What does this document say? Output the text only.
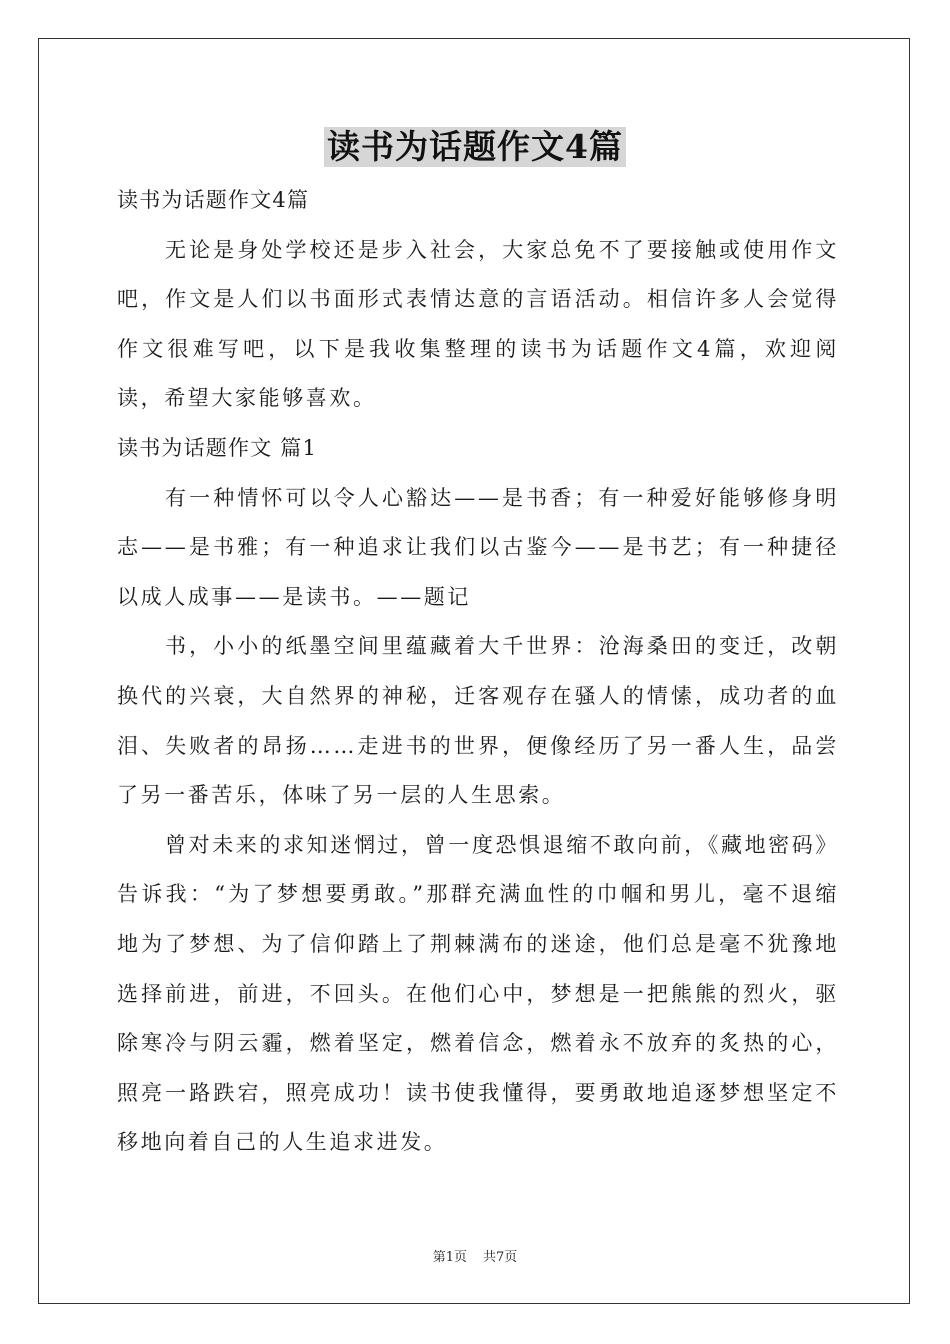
读书为话题作文4篇

读书为话题作文4篇

无论是身处学校还是步入社会，大家总免不了要接触或使用作文吧，作文是人们以书面形式表情达意的言语活动。相信许多人会觉得作文很难写吧，以下是我收集整理的读书为话题作文4篇，欢迎阅读，希望大家能够喜欢。

读书为话题作文 篇1

有一种情怀可以令人心豁达——是书香；有一种爱好能够修身明志——是书雅；有一种追求让我们以古鉴今——是书艺；有一种捷径以成人成事——是读书。——题记

书，小小的纸墨空间里蕴藏着大千世界：沧海桑田的变迁，改朝换代的兴衰，大自然界的神秘，迁客观存在骚人的情愫，成功者的血泪、失败者的昂扬……走进书的世界，便像经历了另一番人生，品尝了另一番苦乐，体味了另一层的人生思索。

曾对未来的求知迷惘过，曾一度恐惧退缩不敢向前，《藏地密码》告诉我：“为了梦想要勇敢。”那群充满血性的巾帼和男儿，毫不退缩地为了梦想、为了信仰踏上了荆棘满布的迷途，他们总是毫不犹豫地选择前进，前进，不回头。在他们心中，梦想是一把熊熊的烈火，驱除寒冷与阴云霾，燃着坚定，燃着信念，燃着永不放弃的炙热的心，照亮一路跌宕，照亮成功！读书使我懂得，要勇敢地追逐梦想坚定不移地向着自己的人生追求进发。

第1页 共7页
